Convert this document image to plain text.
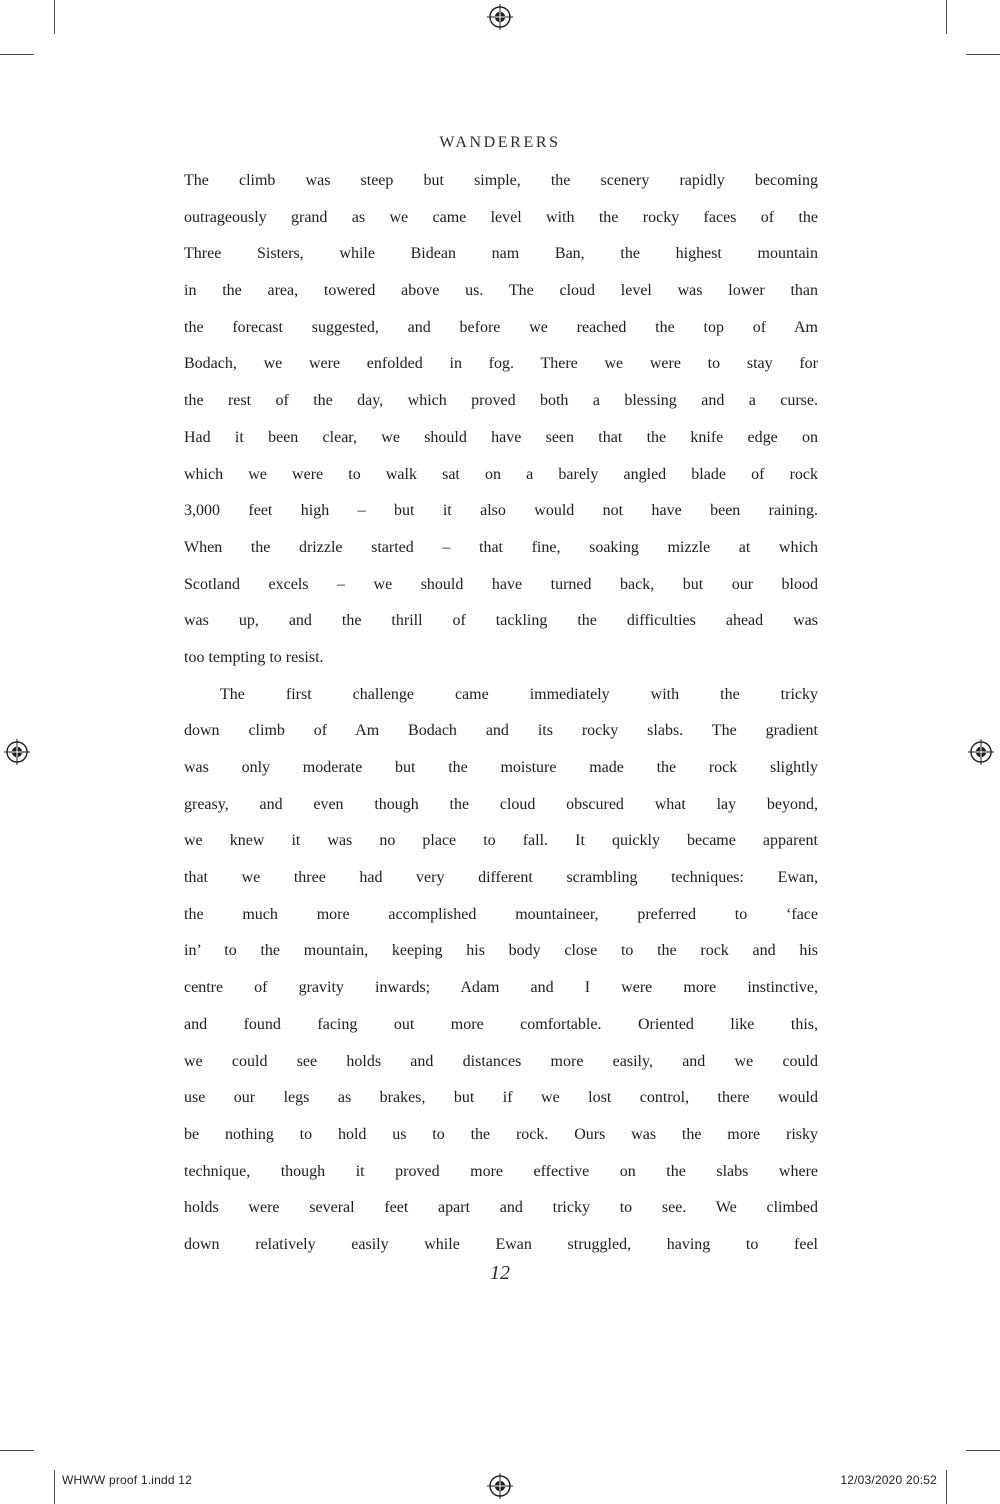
WANDERERS
The climb was steep but simple, the scenery rapidly becoming
outrageously grand as we came level with the rocky faces of the
Three Sisters, while Bidean nam Ban, the highest mountain
in the area, towered above us. The cloud level was lower than
the forecast suggested, and before we reached the top of Am
Bodach, we were enfolded in fog. There we were to stay for
the rest of the day, which proved both a blessing and a curse.
Had it been clear, we should have seen that the knife edge on
which we were to walk sat on a barely angled blade of rock
3,000 feet high – but it also would not have been raining.
When the drizzle started – that fine, soaking mizzle at which
Scotland excels – we should have turned back, but our blood
was up, and the thrill of tackling the difficulties ahead was
too tempting to resist.
The first challenge came immediately with the tricky
down climb of Am Bodach and its rocky slabs. The gradient
was only moderate but the moisture made the rock slightly
greasy, and even though the cloud obscured what lay beyond,
we knew it was no place to fall. It quickly became apparent
that we three had very different scrambling techniques: Ewan,
the much more accomplished mountaineer, preferred to ‘face
in’ to the mountain, keeping his body close to the rock and his
centre of gravity inwards; Adam and I were more instinctive,
and found facing out more comfortable. Oriented like this,
we could see holds and distances more easily, and we could
use our legs as brakes, but if we lost control, there would
be nothing to hold us to the rock. Ours was the more risky
technique, though it proved more effective on the slabs where
holds were several feet apart and tricky to see. We climbed
down relatively easily while Ewan struggled, having to feel
12
WHWW proof 1.indd 12	12/03/2020 20:52
